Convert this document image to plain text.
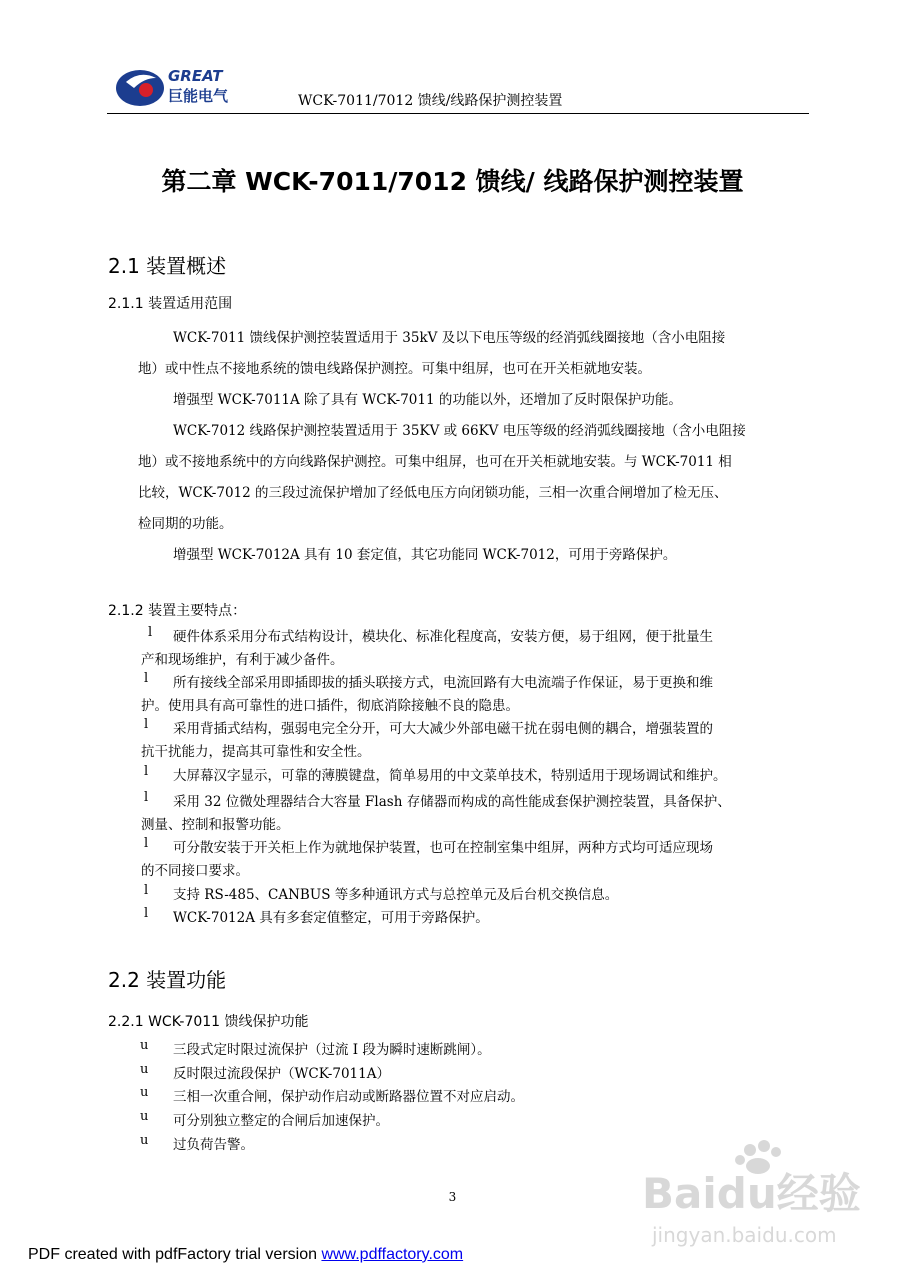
GREAT
巨能电气	WCK-7011/7012 馈线/线路保护测控装置
第二章 WCK-7011/7012 馈线/ 线路保护测控装置
2.1 装置概述
2.1.1 装置适用范围
WCK-7011 馈线保护测控装置适用于 35kV 及以下电压等级的经消弧线圈接地（含小电阻接
地）或中性点不接地系统的馈电线路保护测控。可集中组屏，也可在开关柜就地安装。
增强型 WCK-7011A 除了具有 WCK-7011 的功能以外，还增加了反时限保护功能。
WCK-7012 线路保护测控装置适用于 35KV 或 66KV 电压等级的经消弧线圈接地（含小电阻接
地）或不接地系统中的方向线路保护测控。可集中组屏，也可在开关柜就地安装。与 WCK-7011 相
比较，WCK-7012 的三段过流保护增加了经低电压方向闭锁功能，三相一次重合闸增加了检无压、
检同期的功能。
增强型 WCK-7012A 具有 10 套定值，其它功能同 WCK-7012，可用于旁路保护。
2.1.2 装置主要特点：
l 硬件体系采用分布式结构设计，模块化、标准化程度高，安装方便，易于组网，便于批量生
产和现场维护，有利于减少备件。
l 所有接线全部采用即插即拔的插头联接方式，电流回路有大电流端子作保证，易于更换和维
护。使用具有高可靠性的进口插件，彻底消除接触不良的隐患。
l 采用背插式结构，强弱电完全分开，可大大减少外部电磁干扰在弱电侧的耦合，增强装置的
抗干扰能力，提高其可靠性和安全性。
l 大屏幕汉字显示，可靠的薄膜键盘，简单易用的中文菜单技术，特别适用于现场调试和维护。
l 采用 32 位微处理器结合大容量 Flash 存储器而构成的高性能成套保护测控装置，具备保护、
测量、控制和报警功能。
l 可分散安装于开关柜上作为就地保护装置，也可在控制室集中组屏，两种方式均可适应现场
的不同接口要求。
l 支持 RS-485、CANBUS 等多种通讯方式与总控单元及后台机交换信息。
l WCK-7012A 具有多套定值整定，可用于旁路保护。
2.2 装置功能
2.2.1 WCK-7011 馈线保护功能
u 三段式定时限过流保护（过流 I 段为瞬时速断跳闸）。
u 反时限过流段保护（WCK-7011A）
u 三相一次重合闸，保护动作启动或断路器位置不对应启动。
u 可分别独立整定的合闸后加速保护。
u 过负荷告警。
3	Baidu经验
jingyan.baidu.com
PDF created with pdfFactory trial version www.pdffactory.com
